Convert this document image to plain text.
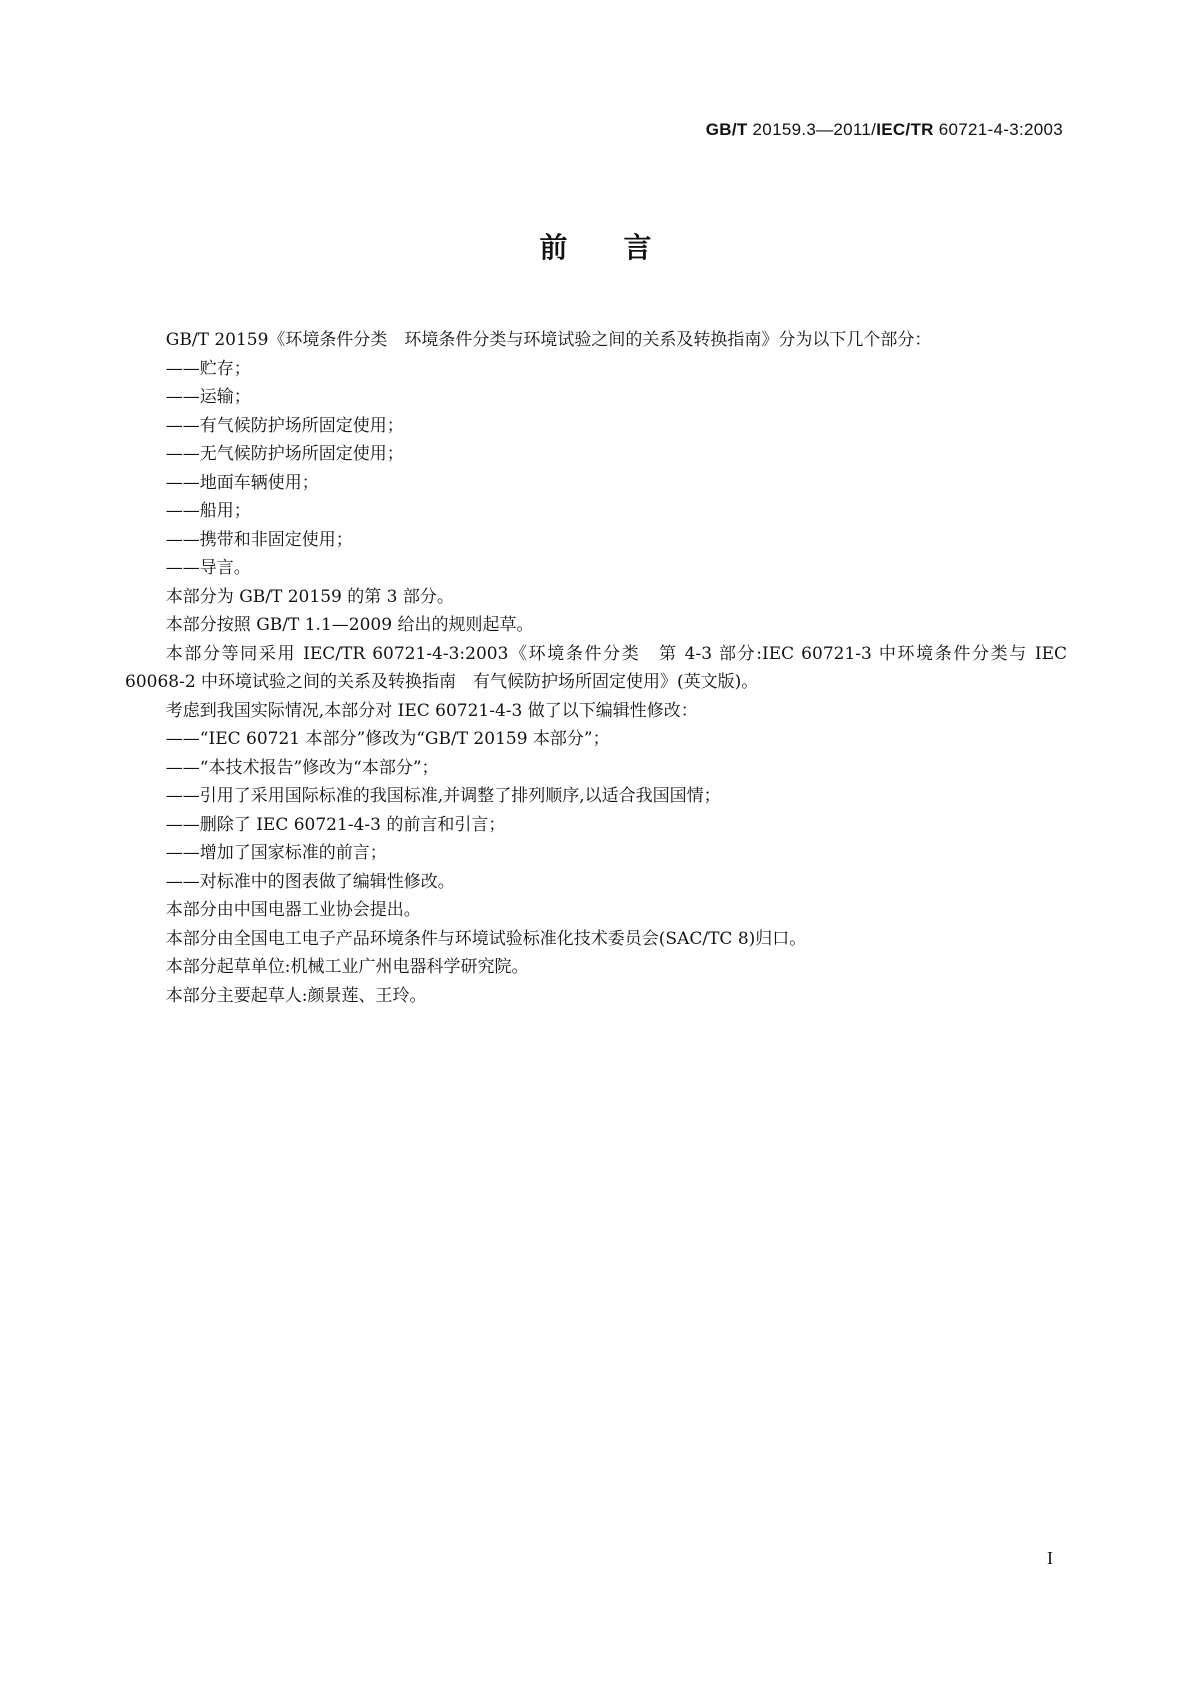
GB/T 20159.3—2011/IEC/TR 60721-4-3:2003
前言

GB/T 20159《环境条件分类　环境条件分类与环境试验之间的关系及转换指南》分为以下几个部分：

——贮存；

——运输；

——有气候防护场所固定使用；

——无气候防护场所固定使用；

——地面车辆使用；

——船用；

——携带和非固定使用；

——导言。

本部分为 GB/T 20159 的第 3 部分。

本部分按照 GB/T 1.1—2009 给出的规则起草。

本部分等同采用 IEC/TR 60721-4-3:2003《环境条件分类　第 4-3 部分:IEC 60721-3 中环境条件分类与 IEC 60068-2 中环境试验之间的关系及转换指南　有气候防护场所固定使用》(英文版)。

考虑到我国实际情况,本部分对 IEC 60721-4-3 做了以下编辑性修改：

——“IEC 60721 本部分”修改为“GB/T 20159 本部分”；

——“本技术报告”修改为“本部分”；

——引用了采用国际标准的我国标准,并调整了排列顺序,以适合我国国情；

——删除了 IEC 60721-4-3 的前言和引言；

——增加了国家标准的前言；

——对标准中的图表做了编辑性修改。

本部分由中国电器工业协会提出。

本部分由全国电工电子产品环境条件与环境试验标准化技术委员会(SAC/TC 8)归口。

本部分起草单位:机械工业广州电器科学研究院。

本部分主要起草人:颜景莲、王玲。

I
